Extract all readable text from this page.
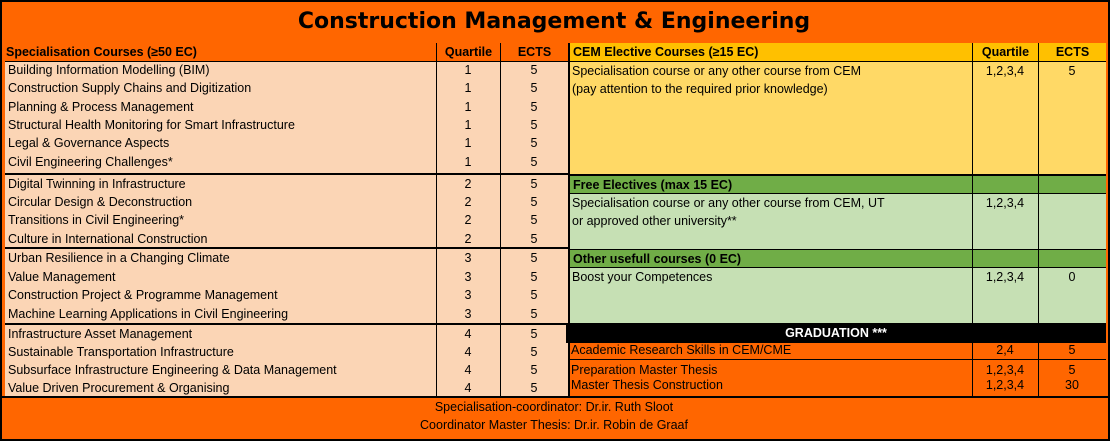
Construction Management & Engineering
Specialisation Courses (≥50 EC)	Quartile ECTS
Building Information Modelling (BIM)	1	5
Construction Supply Chains and Digitization	1	5
Planning & Process Management	1	5
Structural Health Monitoring for Smart Infrastructure	1	5
Legal & Governance Aspects	1	5
Civil Engineering Challenges*	1	5
Digital Twinning in Infrastructure	2	5
Circular Design & Deconstruction	2	5
Transitions in Civil Engineering*	2	5
Culture in International Construction	2	5
Urban Resilience in a Changing Climate	3	5
Value Management	3	5
Construction Project & Programme Management	3	5
Machine Learning Applications in Civil Engineering	3	5
Infrastructure Asset Management	4	5
Sustainable Transportation Infrastructure	4	5
Subsurface Infrastructure Engineering & Data Management	4	5
Value Driven Procurement & Organising	4	5
CEM Elective Courses (≥15 EC)	Quartile ECTS
Specialisation course or any other course from CEM
(pay attention to the required prior knowledge)
1,2,3,4	5
Free Electives (max 15 EC)
Specialisation course or any other course from CEM, UT
or approved other university**
1,2,3,4
Other usefull courses (0 EC)
Boost your Competences	1,2,3,4	0
GRADUATION ***
Academic Research Skills in CEM/CME	2,4	5
Preparation Master Thesis	1,2,3,4	5
Master Thesis Construction	1,2,3,4	30
Specialisation-coordinator: Dr.ir. Ruth Sloot
Coordinator Master Thesis: Dr.ir. Robin de Graaf
